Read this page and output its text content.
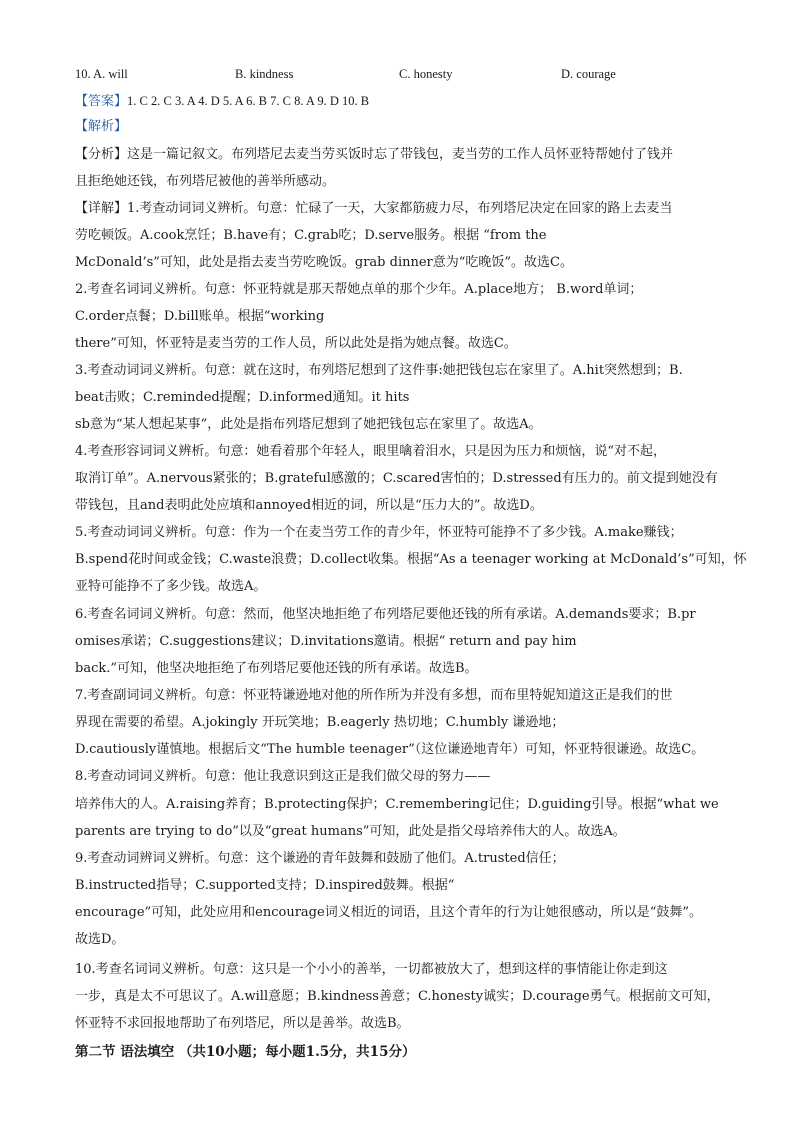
10. A. will	B. kindness	C. honesty	D. courage
【答案】1. C 2. C 3. A 4. D 5. A 6. B 7. C 8. A 9. D 10. B
【解析】
【分析】这是一篇记叙文。布列塔尼去麦当劳买饭时忘了带钱包，麦当劳的工作人员怀亚特帮她付了钱并
且拒绝她还钱，布列塔尼被他的善举所感动。
【详解】1.考查动词词义辨析。句意：忙碌了一天，大家都筋疲力尽，布列塔尼决定在回家的路上去麦当
劳吃顿饭。A.cook烹饪；B.have有；C.grab吃；D.serve服务。根据 “from the
McDonald’s”可知，此处是指去麦当劳吃晚饭。grab dinner意为“吃晚饭”。故选C。
2.考查名词词义辨析。句意：怀亚特就是那天帮她点单的那个少年。A.place地方； B.word单词；
C.order点餐；D.bill账单。根据“working
there”可知，怀亚特是麦当劳的工作人员，所以此处是指为她点餐。故选C。
3.考查动词词义辨析。句意：就在这时，布列塔尼想到了这件事:她把钱包忘在家里了。A.hit突然想到；B.
beat击败；C.reminded提醒；D.informed通知。it hits
sb意为“某人想起某事”，此处是指布列塔尼想到了她把钱包忘在家里了。故选A。
4.考查形容词词义辨析。句意：她看着那个年轻人，眼里噙着泪水，只是因为压力和烦恼，说“对不起，
取消订单”。A.nervous紧张的；B.grateful感激的；C.scared害怕的；D.stressed有压力的。前文提到她没有
带钱包，且and表明此处应填和annoyed相近的词，所以是“压力大的”。故选D。
5.考查动词词义辨析。句意：作为一个在麦当劳工作的青少年，怀亚特可能挣不了多少钱。A.make赚钱；
B.spend花时间或金钱；C.waste浪费；D.collect收集。根据“As a teenager working at McDonald’s”可知，怀
亚特可能挣不了多少钱。故选A。
6.考查名词词义辨析。句意：然而，他坚决地拒绝了布列塔尼要他还钱的所有承诺。A.demands要求；B.pr
omises承诺；C.suggestions建议；D.invitations邀请。根据“ return and pay him
back.”可知，他坚决地拒绝了布列塔尼要他还钱的所有承诺。故选B。
7.考查副词词义辨析。句意：怀亚特谦逊地对他的所作所为并没有多想，而布里特妮知道这正是我们的世
界现在需要的希望。A.jokingly 开玩笑地；B.eagerly 热切地；C.humbly 谦逊地；
D.cautiously谨慎地。根据后文“The humble teenager”（这位谦逊地青年）可知，怀亚特很谦逊。故选C。
8.考查动词词义辨析。句意：他让我意识到这正是我们做父母的努力——
培养伟大的人。A.raising养育；B.protecting保护；C.remembering记住；D.guiding引导。根据“what we
parents are trying to do”以及“great humans”可知，此处是指父母培养伟大的人。故选A。
9.考查动词辨词义辨析。句意：这个谦逊的青年鼓舞和鼓励了他们。A.trusted信任；
B.instructed指导；C.supported支持；D.inspired鼓舞。根据“
encourage”可知，此处应用和encourage词义相近的词语，且这个青年的行为让她很感动，所以是“鼓舞”。
故选D。
10.考查名词词义辨析。句意：这只是一个小小的善举，一切都被放大了，想到这样的事情能让你走到这
一步，真是太不可思议了。A.will意愿；B.kindness善意；C.honesty诚实；D.courage勇气。根据前文可知，
怀亚特不求回报地帮助了布列塔尼，所以是善举。故选B。
第二节 语法填空 （共10小题；每小题1.5分，共15分）
